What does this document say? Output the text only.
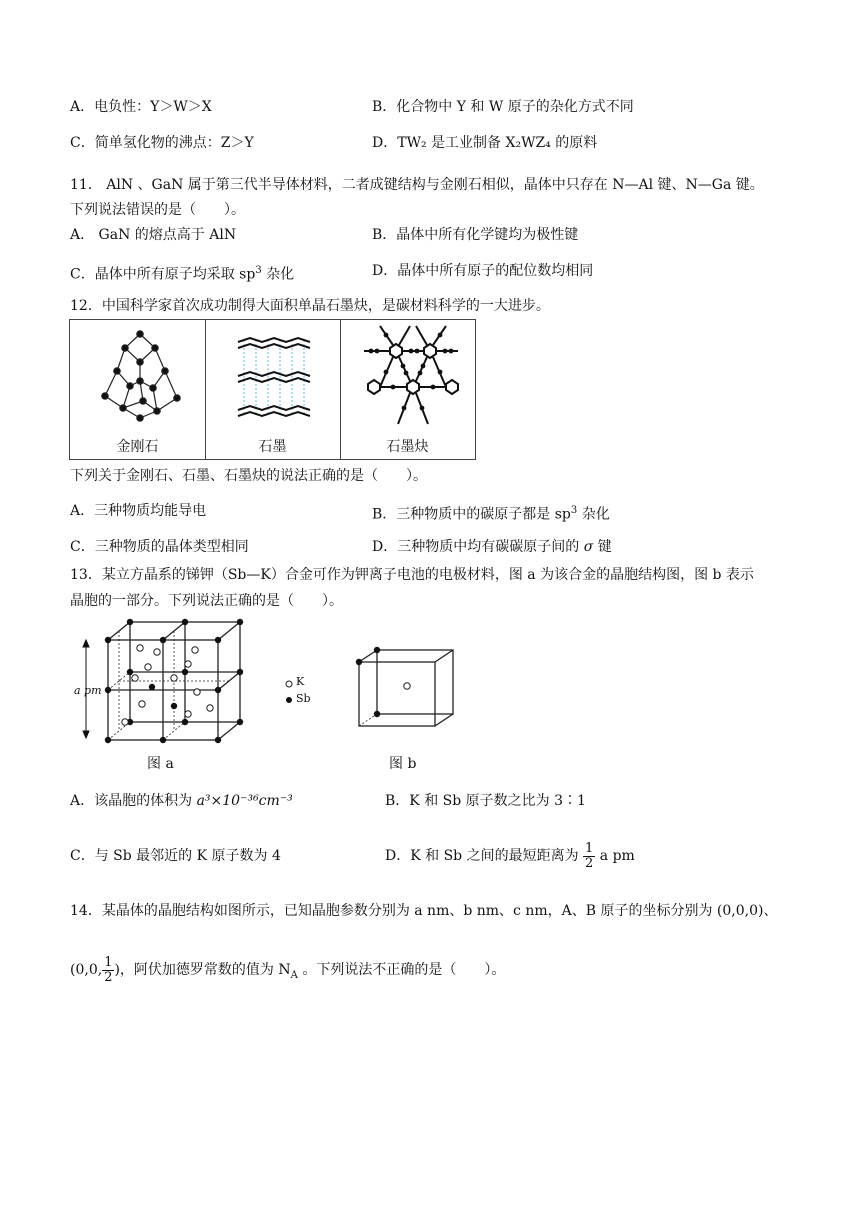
A．电负性：Y＞W＞X	B．化合物中 Y 和 W 原子的杂化方式不同
C．简单氢化物的沸点：Z＞Y	D．TW₂ 是工业制备 X₂WZ₄ 的原料
11． AlN 、GaN 属于第三代半导体材料，二者成键结构与金刚石相似，晶体中只存在 N—Al 键、N—Ga 键。
下列说法错误的是（　　）。
A． GaN 的熔点高于 AlN	B．晶体中所有化学键均为极性键
C．晶体中所有原子均采取 $sp^3$ 杂化	D．晶体中所有原子的配位数均相同
12．中国科学家首次成功制得大面积单晶石墨炔，是碳材料科学的一大进步。
金刚石	石墨	石墨炔
下列关于金刚石、石墨、石墨炔的说法正确的是（　　）。
A．三种物质均能导电	B．三种物质中的碳原子都是 $sp^3$ 杂化
C．三种物质的晶体类型相同	D．三种物质中均有碳碳原子间的 σ 键
13．某立方晶系的锑钾（Sb—K）合金可作为钾离子电池的电极材料，图 a 为该合金的晶胞结构图，图 b 表示
晶胞的一部分。下列说法正确的是（　　）。
a pm
K
Sb
图 a	图 b
A．该晶胞的体积为 a³×10⁻³⁶cm⁻³	B．K 和 Sb 原子数之比为 3∶1
C．与 Sb 最邻近的 K 原子数为 4	D．K 和 Sb 之间的最短距离为 $\frac{1}{2}$ a pm
14．某晶体的晶胞结构如图所示，已知晶胞参数分别为 a nm、b nm、c nm，A、B 原子的坐标分别为 (0,0,0)、
(0,0, $\frac{1}{2}$ )，阿伏加德罗常数的值为 $N_A$ 。下列说法不正确的是（　　）。
